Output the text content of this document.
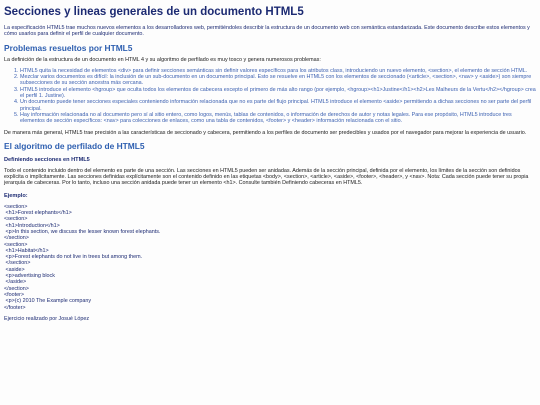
Secciones y lineas generales de un documento HTML5

La especificación HTML5 trae muchos nuevos elementos a los desarrolladores web, permitiéndoles describir la estructura de un documento web con semántica estandarizada. Este documento describe estos elementos y cómo usarlos para definir el perfil de cualquier documento.

Problemas resueltos por HTML5

La definición de la estructura de un documento en HTML 4 y su algoritmo de perfilado es muy tosco y genera numerosos problemas:

1. HTML5 quita la necesidad de elementos <div> para definir secciones semánticas sin definir valores específicos para los atributos class, introduciendo un nuevo elemento, <section>, el elemento de sección HTML.
2. Mezclar varios documentos es difícil: la inclusión de un sub-documento en un documento principal. Esto se resuelve en HTML5 con los elementos de seccionado (<article>, <section>, <nav> y <aside>) son siempre subsecciones de su sección ancestra más cercana.
3. HTML5 introduce el elemento <hgroup> que oculta todos los elementos de cabecera excepto el primero de más alto rango (por ejemplo, <hgroup><h1>Justine</h1><h2>Les Malheurs de la Vertu</h2></hgroup> crea el perfil 1. Justine).
4. Un documento puede tener secciones especiales conteniendo información relacionada que no es parte del flujo principal. HTML5 introduce el elemento <aside> permitiendo a dichas secciones no ser parte del perfil principal.
5. Hay información relacionada no al documento pero sí al sitio entero, como logos, menús, tablas de contenidos, o información de derechos de autor y notas legales. Para ese propósito, HTML5 introduce tres elementos de sección específicos: <nav> para colecciones de enlaces, como una tabla de contenidos, <footer> y <header> información relacionada con el sitio.

De manera más general, HTML5 trae precisión a las características de seccionado y cabecera, permitiendo a los perfiles de documento ser predecibles y usados por el navegador para mejorar la experiencia de usuario.

El algoritmo de perfilado de HTML5
Definiendo secciones en HTML5

Todo el contenido incluido dentro del elemento es parte de una sección. Las secciones en HTML5 pueden ser anidadas. Además de la sección principal, definida por el elemento, los límites de la sección son definidos explícita o implícitamente. Las secciones definidas explícitamente son el contenido definido en las etiquetas <body>, <section>, <article>, <aside>, <footer>, <header>, y <nav>. Nota: Cada sección puede tener su propia jerarquía de cabeceras. Por lo tanto, incluso una sección anidada puede tener un elemento <h1>. Consulte también Definiendo cabeceras en HTML5.

Ejemplo:
<section>
<h1>Forest elephants</h1>
<section>
<h1>Introduction</h1>
<p>In this section, we discuss the lesser known forest elephants.
</section>
<section>
<h1>Habitat</h1>
<p>Forest elephants do not live in trees but among them.
</section>
<aside>
<p>advertising block
</aside>
</section>
<footer>
<p>(c) 2010 The Example company
</footer>

Ejercicio realizado por Josué López
